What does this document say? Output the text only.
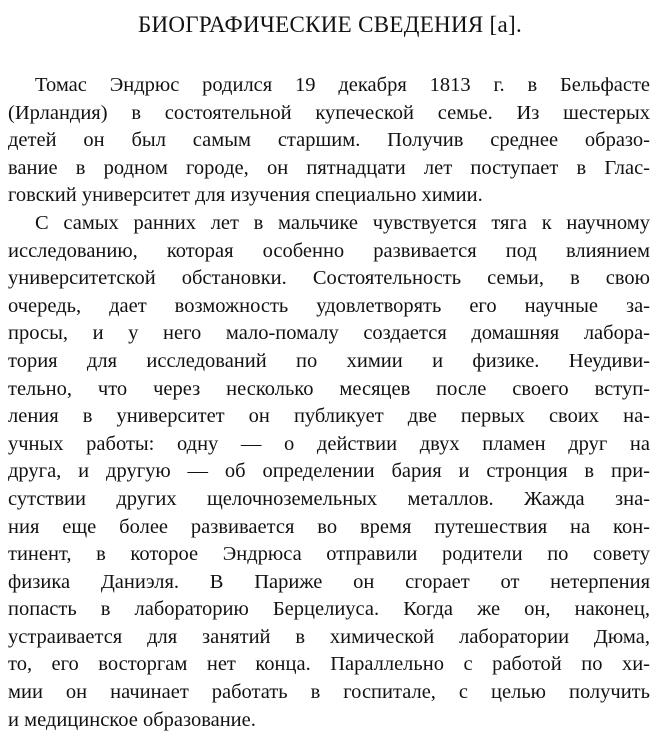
БИОГРАФИЧЕСКИЕ СВЕДЕНИЯ [a].
Томас Эндрюс родился 19 декабря 1813 г. в Бельфасте
(Ирландия) в состоятельной купеческой семье. Из шестерых
детей он был самым старшим. Получив среднее образо-
вание в родном городе, он пятнадцати лет поступает в Глас-
говский университет для изучения специально химии.
С самых ранних лет в мальчике чувствуется тяга к научному
исследованию, которая особенно развивается под влиянием
университетской обстановки. Состоятельность семьи, в свою
очередь, дает возможность удовлетворять его научные за-
просы, и у него мало-помалу создается домашняя лабора-
тория для исследований по химии и физике. Неудиви-
тельно, что через несколько месяцев после своего вступ-
ления в университет он публикует две первых своих на-
учных работы: одну — о действии двух пламен друг на
друга, и другую — об определении бария и стронция в при-
сутствии других щелочноземельных металлов. Жажда зна-
ния еще более развивается во время путешествия на кон-
тинент, в которое Эндрюса отправили родители по совету
физика Даниэля. В Париже он сгорает от нетерпения
попасть в лабораторию Берцелиуса. Когда же он, наконец,
устраивается для занятий в химической лаборатории Дюма,
то, его восторгам нет конца. Параллельно с работой по хи-
мии он начинает работать в госпитале, с целью получить
и медицинское образование.
